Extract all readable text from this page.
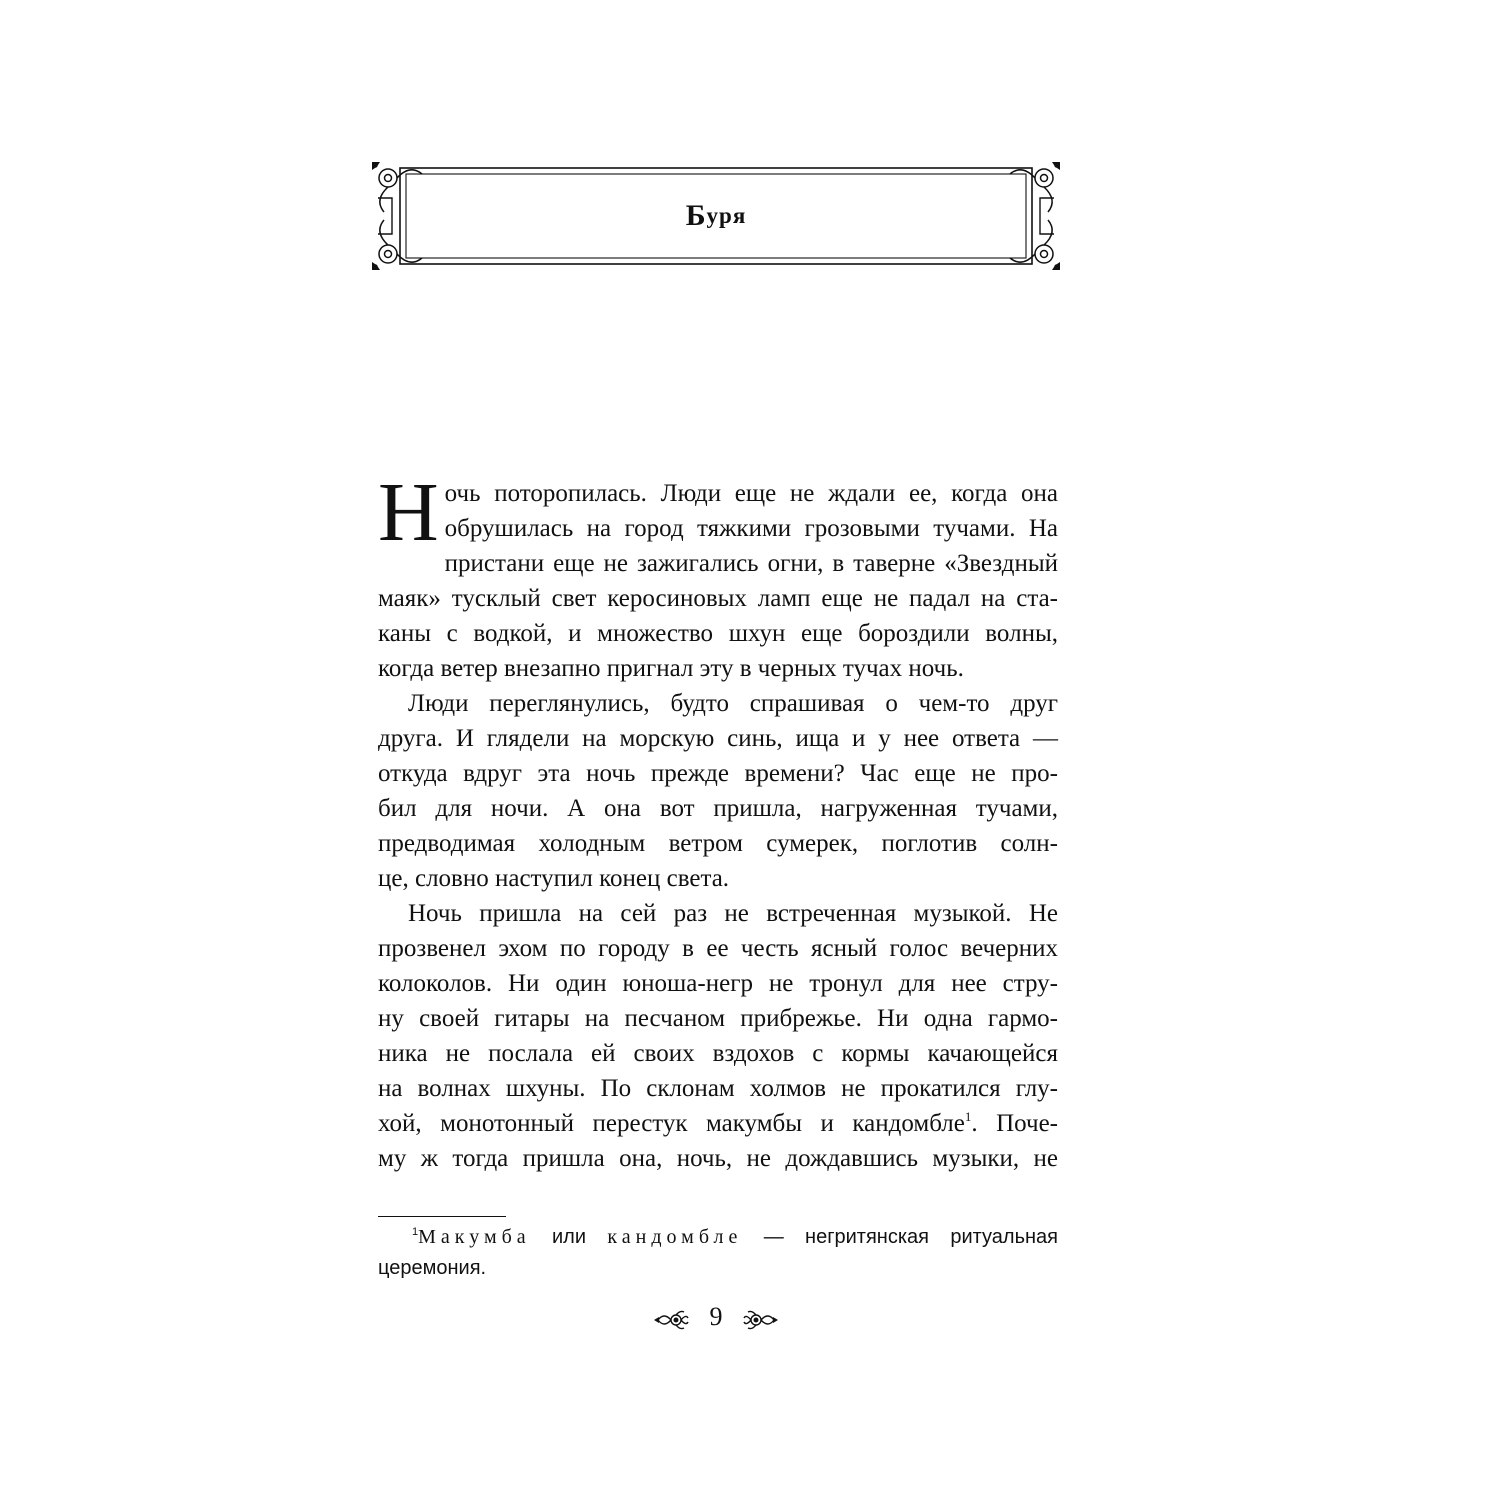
Б уря

Н очь поторопилась. Люди еще не ждали ее, когда она
обрушилась на город тяжкими грозовыми тучами. На
пристани еще не зажигались огни, в таверне «Звездный
маяк» тусклый свет керосиновых ламп еще не падал на ста-
каны с водкой, и множество шхун еще бороздили волны,
когда ветер внезапно пригнал эту в черных тучах ночь.

Люди переглянулись, будто спрашивая о чем-то друг
друга. И глядели на морскую синь, ища и у нее ответа —
откуда вдруг эта ночь прежде времени? Час еще не про-
бил для ночи. А она вот пришла, нагруженная тучами,
предводимая холодным ветром сумерек, поглотив солн-
це, словно наступил конец света.

Ночь пришла на сей раз не встреченная музыкой. Не
прозвенел эхом по городу в ее честь ясный голос вечерних
колоколов. Ни один юноша-негр не тронул для нее стру-
ну своей гитары на песчаном прибрежье. Ни одна гармо-
ника не послала ей своих вздохов с кормы качающейся
на волнах шхуны. По склонам холмов не прокатился глу-
хой, монотонный перестук макумбы и кандомбле$^1$. Поче-
му ж тогда пришла она, ночь, не дождавшись музыки, не

$^1$Макумба или кандомбле — негритянская ритуальная
церемония.
9
